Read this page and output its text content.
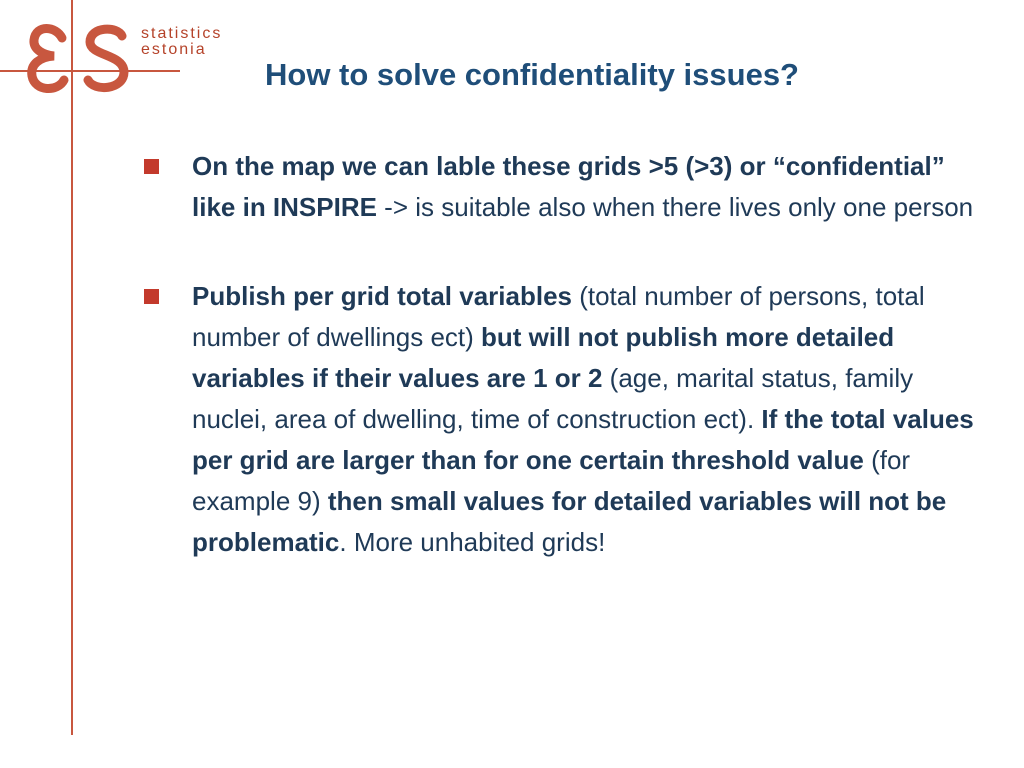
statistics
estonia
How to solve confidentiality issues?
On the map we can lable these grids >5 (>3) or “confidential” like in INSPIRE -> is suitable also when there lives only one person
Publish per grid total variables (total number of persons, total number of dwellings ect) but will not publish more detailed variables if their values are 1 or 2 (age, marital status, family nuclei, area of dwelling, time of construction ect). If the total values per grid are larger than for one certain threshold value (for example 9) then small values for detailed variables will not be problematic. More unhabited grids!
